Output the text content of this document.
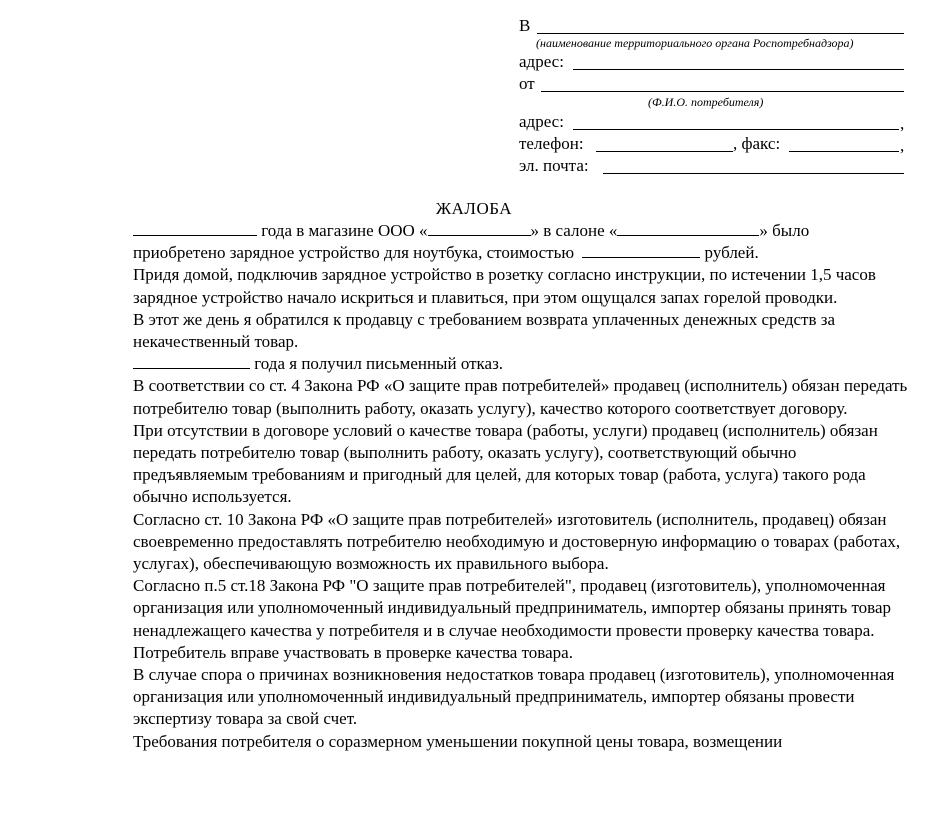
В
(наименование территориального органа Роспотребнадзора)
адрес:
от
(Ф.И.О. потребителя)
адрес:	,
телефон:	, факс:	,
эл. почта:
ЖАЛОБА

года в магазине ООО «	» в салоне «	» было
приобретено зарядное устройство для ноутбука, стоимостью	рублей.

Придя домой, подключив зарядное устройство в розетку согласно инструкции, по истечении 1,5 часов зарядное устройство начало искриться и плавиться, при этом ощущался запах горелой проводки.

В этот же день я обратился к продавцу с требованием возврата уплаченных денежных средств за некачественный товар.

года я получил письменный отказ.

В соответствии со ст. 4 Закона РФ «О защите прав потребителей» продавец (исполнитель) обязан передать потребителю товар (выполнить работу, оказать услугу), качество которого соответствует договору.

При отсутствии в договоре условий о качестве товара (работы, услуги) продавец (исполнитель) обязан передать потребителю товар (выполнить работу, оказать услугу), соответствующий обычно предъявляемым требованиям и пригодный для целей, для которых товар (работа, услуга) такого рода обычно используется.

Согласно ст. 10 Закона РФ «О защите прав потребителей» изготовитель (исполнитель, продавец) обязан своевременно предоставлять потребителю необходимую и достоверную информацию о товарах (работах, услугах), обеспечивающую возможность их правильного выбора.

Согласно п.5 ст.18 Закона РФ "О защите прав потребителей", продавец (изготовитель), уполномоченная организация или уполномоченный индивидуальный предприниматель, импортер обязаны принять товар ненадлежащего качества у потребителя и в случае необходимости провести проверку качества товара. Потребитель вправе участвовать в проверке качества товара.

В случае спора о причинах возникновения недостатков товара продавец (изготовитель), уполномоченная организация или уполномоченный индивидуальный предприниматель, импортер обязаны провести экспертизу товара за свой счет.

Требования потребителя о соразмерном уменьшении покупной цены товара, возмещении
